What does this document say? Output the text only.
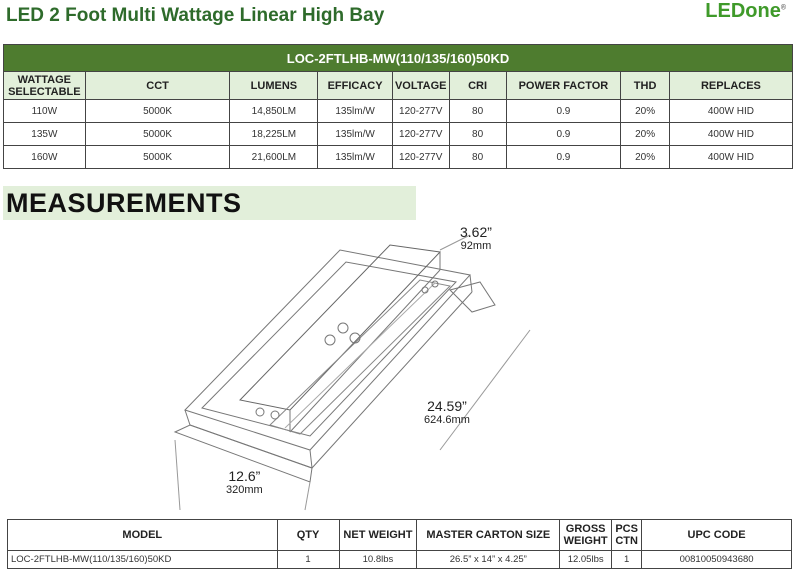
LED 2 Foot Multi Wattage Linear High Bay	LEDone®
LOC-2FTLHB-MW(110/135/160)50KD								
WATTAGE SELECTABLE	CCT	LUMENS	EFFICACY	VOLTAGE	CRI	POWER FACTOR	THD	REPLACES
110W	5000K	14,850LM	135lm/W	120-277V	80	0.9	20%	400W HID
135W	5000K	18,225LM	135lm/W	120-277V	80	0.9	20%	400W HID
160W	5000K	21,600LM	135lm/W	120-277V	80	0.9	20%	400W HID
MEASUREMENTS
3.62”
92mm
24.59”
624.6mm
12.6”
320mm
MODEL	QTY	NET WEIGHT	MASTER CARTON SIZE	GROSS WEIGHT	PCS CTN	UPC CODE
LOC-2FTLHB-MW(110/135/160)50KD	1	10.8lbs	26.5” x 14” x 4.25”	12.05lbs	1	00810050943680
